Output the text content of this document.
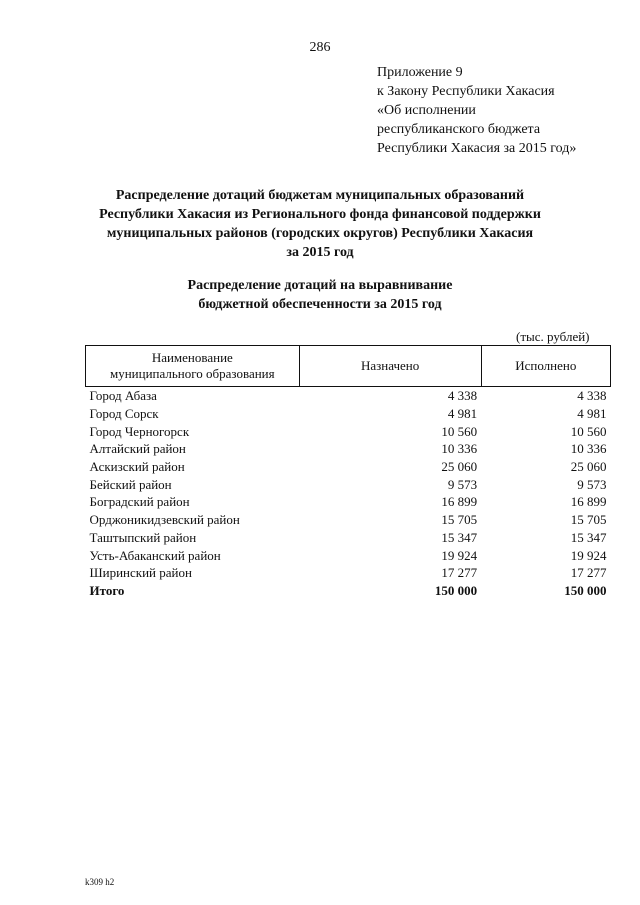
286
Приложение 9
к Закону Республики Хакасия
«Об исполнении
республиканского бюджета
Республики Хакасия за 2015 год»
Распределение дотаций бюджетам муниципальных образований
Республики Хакасия из Регионального фонда финансовой поддержки
муниципальных районов (городских округов) Республики Хакасия
за 2015 год
Распределение дотаций на выравнивание
бюджетной обеспеченности за 2015 год
(тыс. рублей)
Наименование
муниципального образования	Назначено	Исполнено
Город Абаза	4 338	4 338
Город Сорск	4 981	4 981
Город Черногорск	10 560	10 560
Алтайский район	10 336	10 336
Аскизский район	25 060	25 060
Бейский район	9 573	9 573
Боградский район	16 899	16 899
Орджоникидзевский район	15 705	15 705
Таштыпский район	15 347	15 347
Усть-Абаканский район	19 924	19 924
Ширинский район	17 277	17 277
Итого	150 000	150 000
k309 h2
